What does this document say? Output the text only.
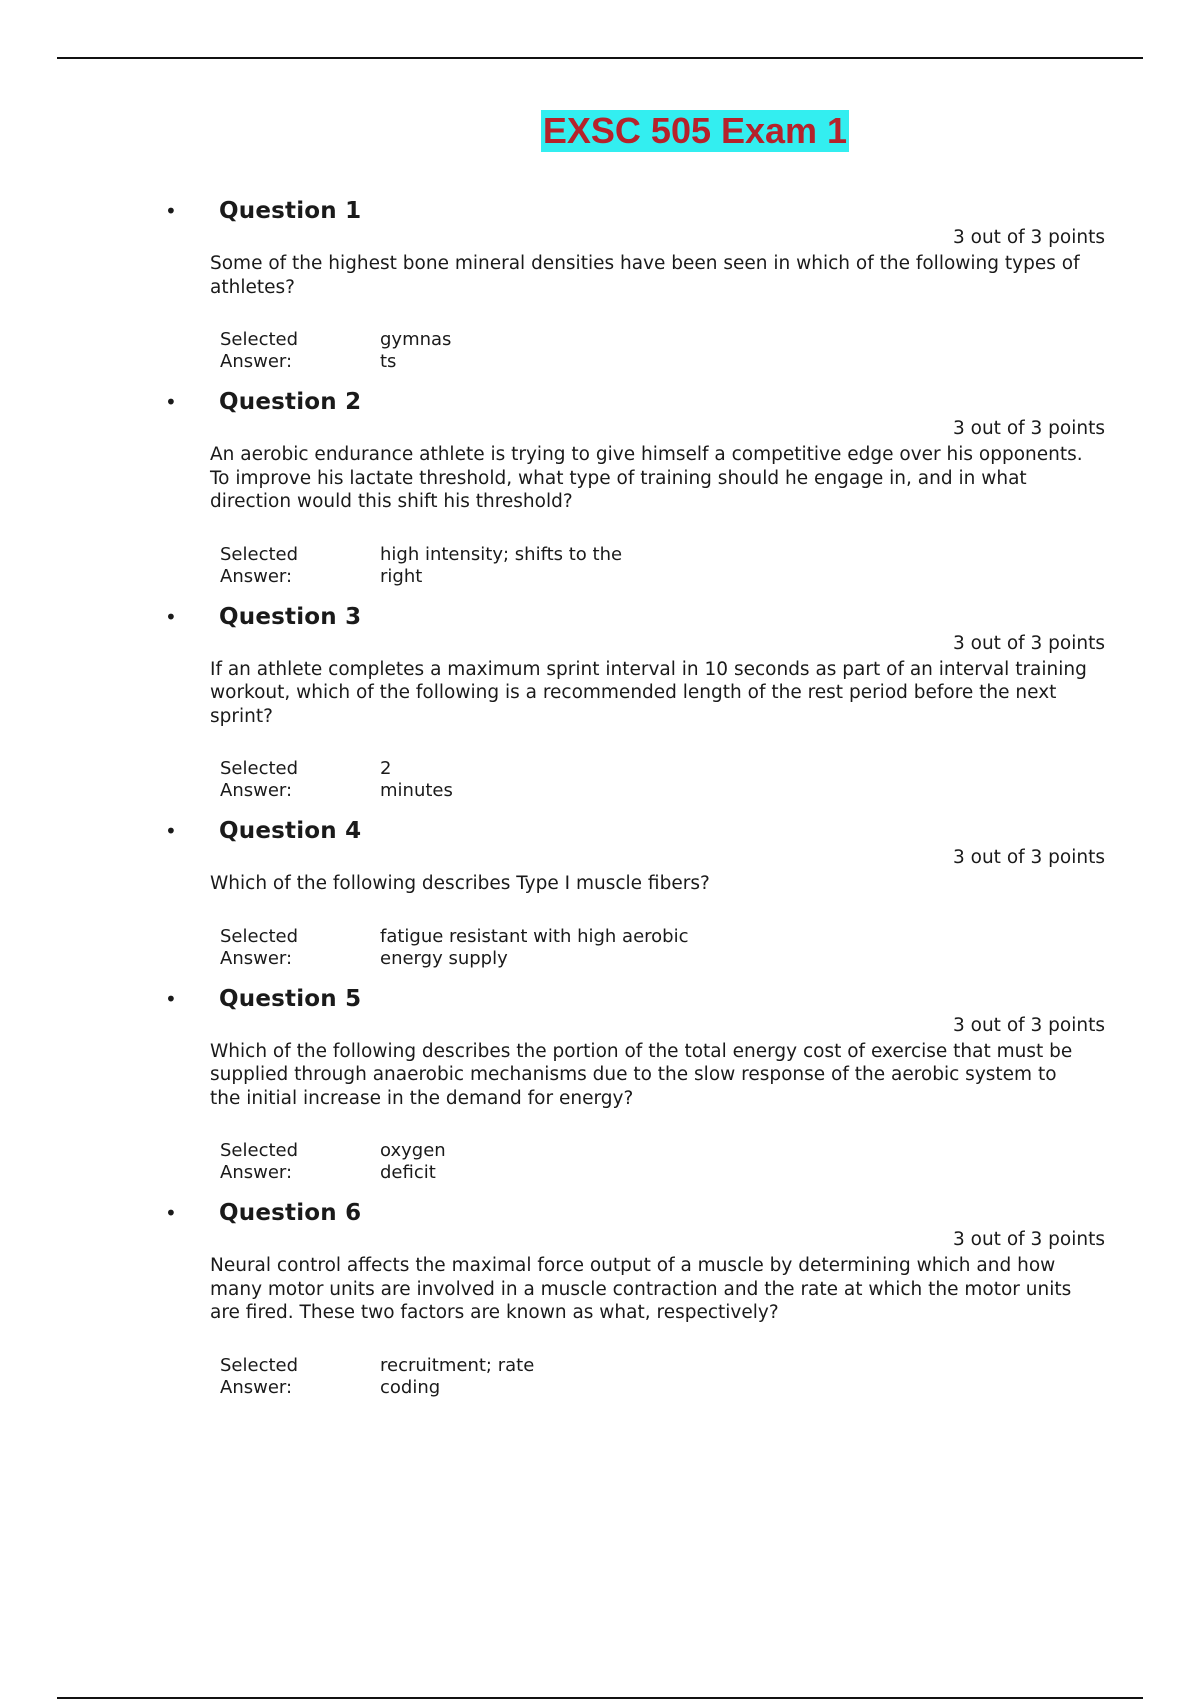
EXSC 505 Exam 1
• Question 1
3 out of 3 points
Some of the highest bone mineral densities have been seen in which of the following types of athletes?
Selected
Answer:
gymnas
ts
• Question 2
3 out of 3 points
An aerobic endurance athlete is trying to give himself a competitive edge over his opponents. To improve his lactate threshold, what type of training should he engage in, and in what direction would this shift his threshold?
Selected
Answer:
high intensity; shifts to the
right
• Question 3
3 out of 3 points
If an athlete completes a maximum sprint interval in 10 seconds as part of an interval training workout, which of the following is a recommended length of the rest period before the next sprint?
Selected
Answer:
2
minutes
• Question 4
3 out of 3 points
Which of the following describes Type I muscle fibers?
Selected
Answer:
fatigue resistant with high aerobic
energy supply
• Question 5
3 out of 3 points
Which of the following describes the portion of the total energy cost of exercise that must be supplied through anaerobic mechanisms due to the slow response of the aerobic system to the initial increase in the demand for energy?
Selected
Answer:
oxygen
deficit
• Question 6
3 out of 3 points
Neural control affects the maximal force output of a muscle by determining which and how many motor units are involved in a muscle contraction and the rate at which the motor units are fired. These two factors are known as what, respectively?
Selected
Answer:
recruitment; rate
coding
